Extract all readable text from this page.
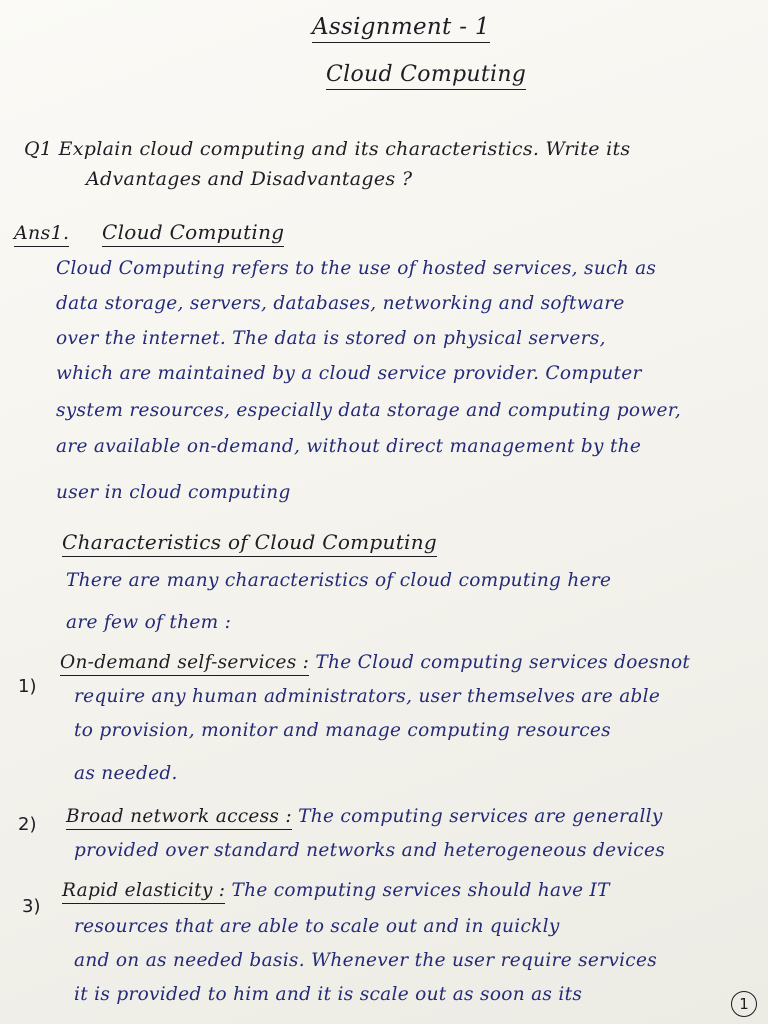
Assignment - 1
Cloud Computing
Q1 Explain cloud computing and its characteristics. Write its
Advantages and Disadvantages ?
Ans1. Cloud Computing
Cloud Computing refers to the use of hosted services, such as
data storage, servers, databases, networking and software
over the internet. The data is stored on physical servers,
which are maintained by a cloud service provider. Computer
system resources, especially data storage and computing power,
are available on-demand, without direct management by the
user in cloud computing
Characteristics of Cloud Computing
There are many characteristics of cloud computing here
are few of them :
1)
On-demand self-services : The Cloud computing services doesnot
require any human administrators, user themselves are able
to provision, monitor and manage computing resources
as needed.
2) Broad network access : The computing services are generally
provided over standard networks and heterogeneous devices
3)
Rapid elasticity : The computing services should have IT
resources that are able to scale out and in quickly
and on as needed basis. Whenever the user require services
it is provided to him and it is scale out as soon as its	1
